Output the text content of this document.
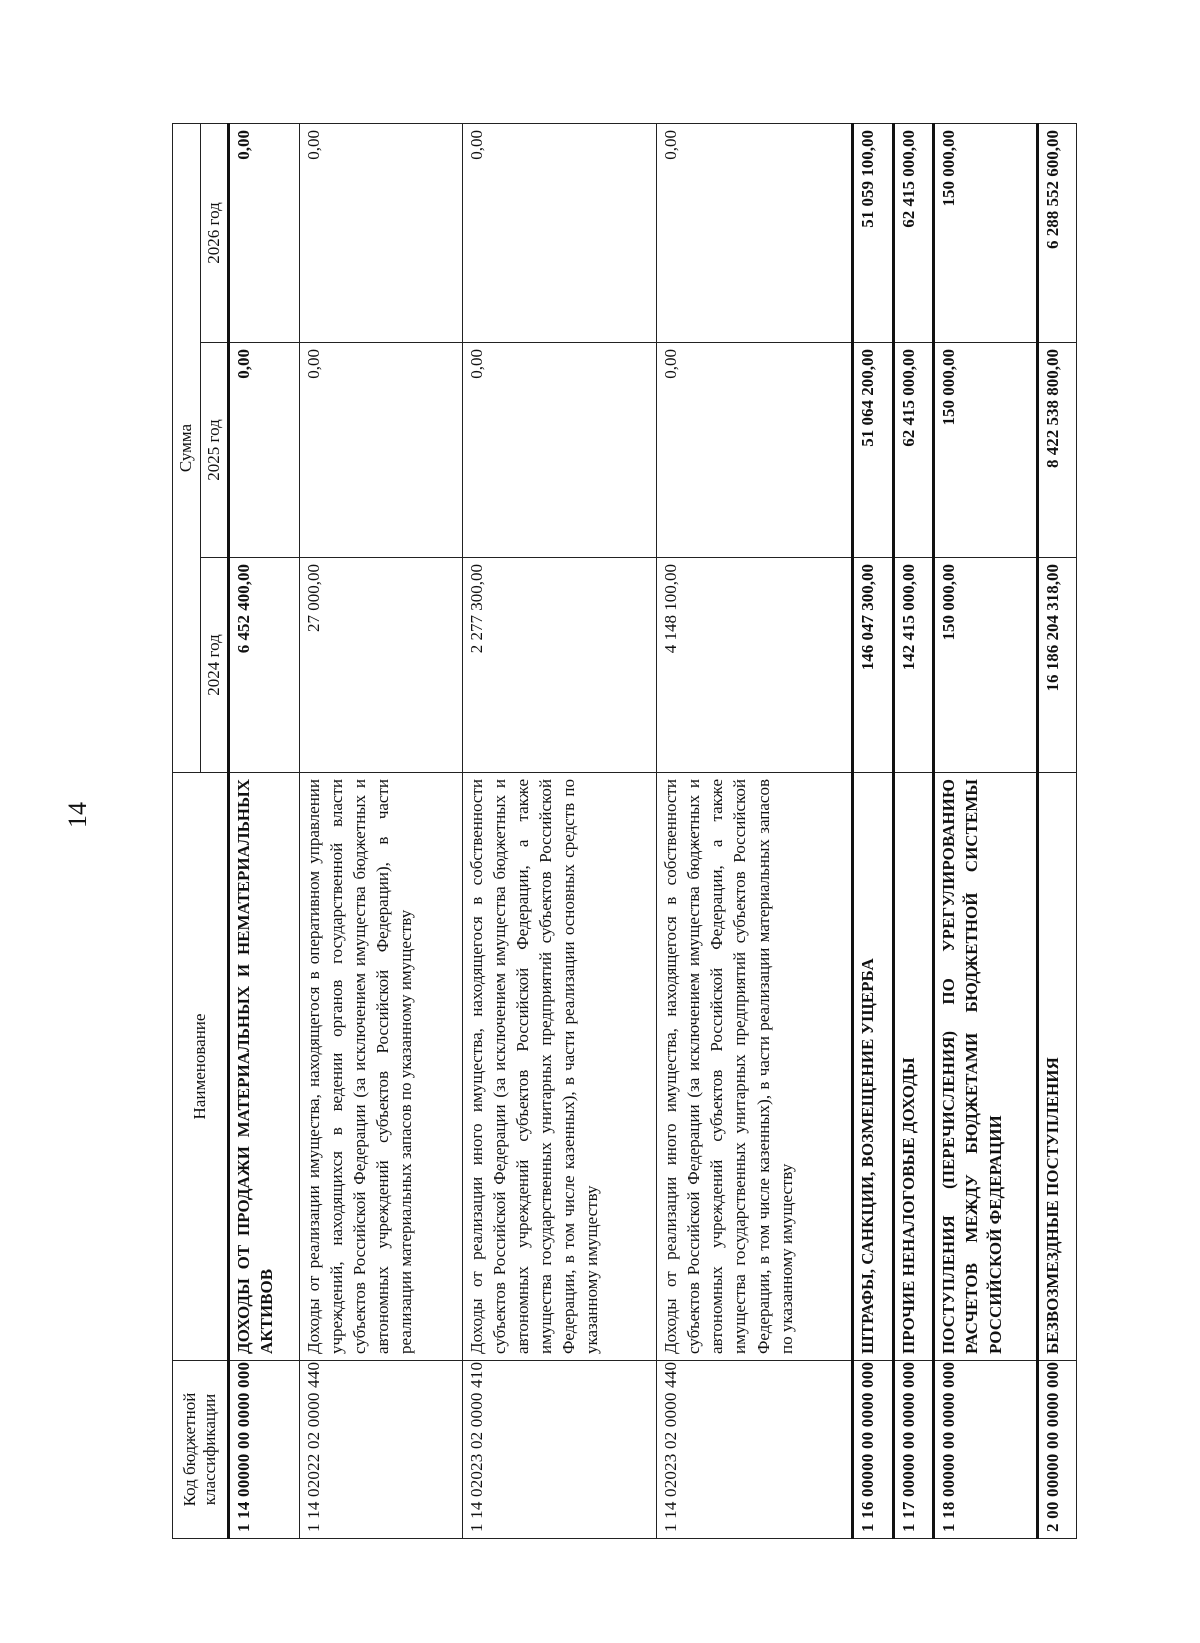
14
Код бюджетной классификации	Наименование	Сумма		
		2024 год	2025 год	2026 год
1 14 00000 00 0000 000	ДОХОДЫ ОТ ПРОДАЖИ МАТЕРИАЛЬНЫХ И НЕМАТЕРИАЛЬНЫХ АКТИВОВ	6 452 400,00	0,00	0,00
1 14 02022 02 0000 440	Доходы от реализации имущества, находящегося в оперативном управлении учреждений, находящихся в ведении органов государственной власти субъектов Российской Федерации (за исключением имущества бюджетных и автономных учреждений субъектов Российской Федерации), в части реализации материальных запасов по указанному имуществу	27 000,00	0,00	0,00
1 14 02023 02 0000 410	Доходы от реализации иного имущества, находящегося в собственности субъектов Российской Федерации (за исключением имущества бюджетных и автономных учреждений субъектов Российской Федерации, а также имущества государственных унитарных предприятий субъектов Российской Федерации, в том числе казенных), в части реализации основных средств по указанному имуществу	2 277 300,00	0,00	0,00
1 14 02023 02 0000 440	Доходы от реализации иного имущества, находящегося в собственности субъектов Российской Федерации (за исключением имущества бюджетных и автономных учреждений субъектов Российской Федерации, а также имущества государственных унитарных предприятий субъектов Российской Федерации, в том числе казенных), в части реализации материальных запасов по указанному имуществу	4 148 100,00	0,00	0,00
1 16 00000 00 0000 000	ШТРАФЫ, САНКЦИИ, ВОЗМЕЩЕНИЕ УЩЕРБА	146 047 300,00	51 064 200,00	51 059 100,00
1 17 00000 00 0000 000	ПРОЧИЕ НЕНАЛОГОВЫЕ ДОХОДЫ	142 415 000,00	62 415 000,00	62 415 000,00
1 18 00000 00 0000 000	ПОСТУПЛЕНИЯ (ПЕРЕЧИСЛЕНИЯ) ПО УРЕГУЛИРОВАНИЮ РАСЧЕТОВ МЕЖДУ БЮДЖЕТАМИ БЮДЖЕТНОЙ СИСТЕМЫ РОССИЙСКОЙ ФЕДЕРАЦИИ	150 000,00	150 000,00	150 000,00
2 00 00000 00 0000 000	БЕЗВОЗМЕЗДНЫЕ ПОСТУПЛЕНИЯ	16 186 204 318,00	8 422 538 800,00	6 288 552 600,00
